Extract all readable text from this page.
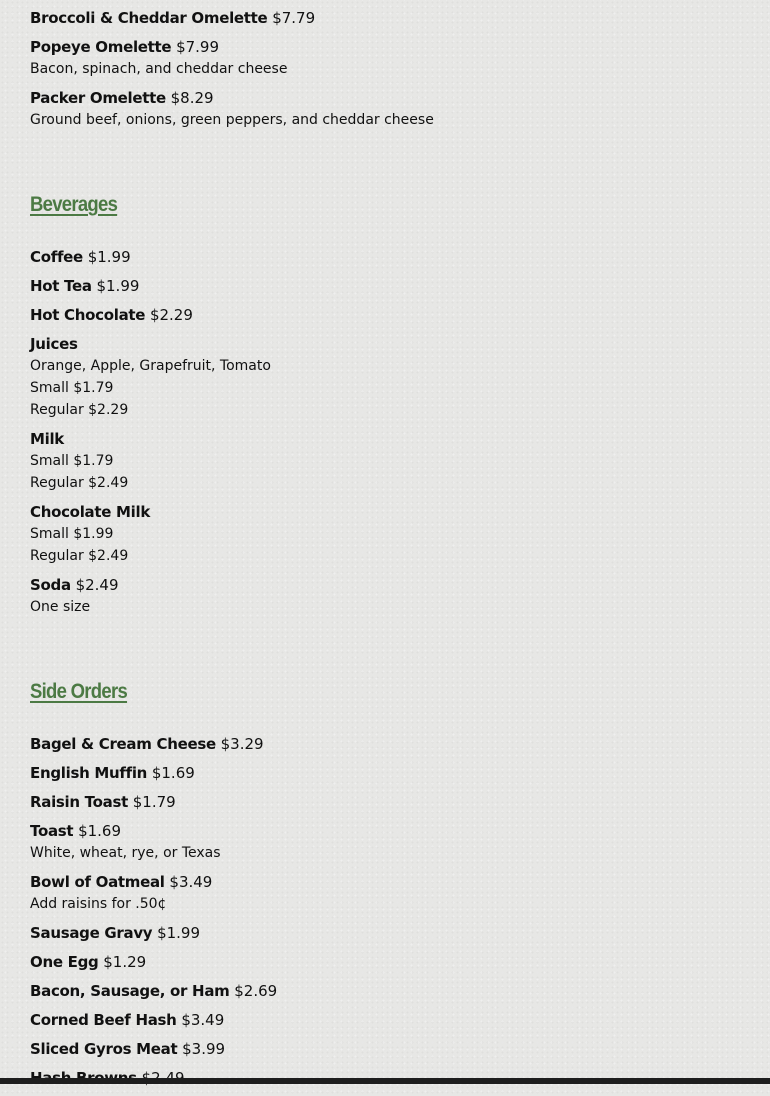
Broccoli & Cheddar Omelette $7.79
Popeye Omelette $7.99
Bacon, spinach, and cheddar cheese
Packer Omelette $8.29
Ground beef, onions, green peppers, and cheddar cheese
Beverages
Coffee $1.99
Hot Tea $1.99
Hot Chocolate $2.29
Juices
Orange, Apple, Grapefruit, Tomato
Small $1.79
Regular $2.29
Milk
Small $1.79
Regular $2.49
Chocolate Milk
Small $1.99
Regular $2.49
Soda $2.49
One size
Side Orders
Bagel & Cream Cheese $3.29
English Muffin $1.69
Raisin Toast $1.79
Toast $1.69
White, wheat, rye, or Texas
Bowl of Oatmeal $3.49
Add raisins for .50¢
Sausage Gravy $1.99
One Egg $1.29
Bacon, Sausage, or Ham $2.69
Corned Beef Hash $3.49
Sliced Gyros Meat $3.99
